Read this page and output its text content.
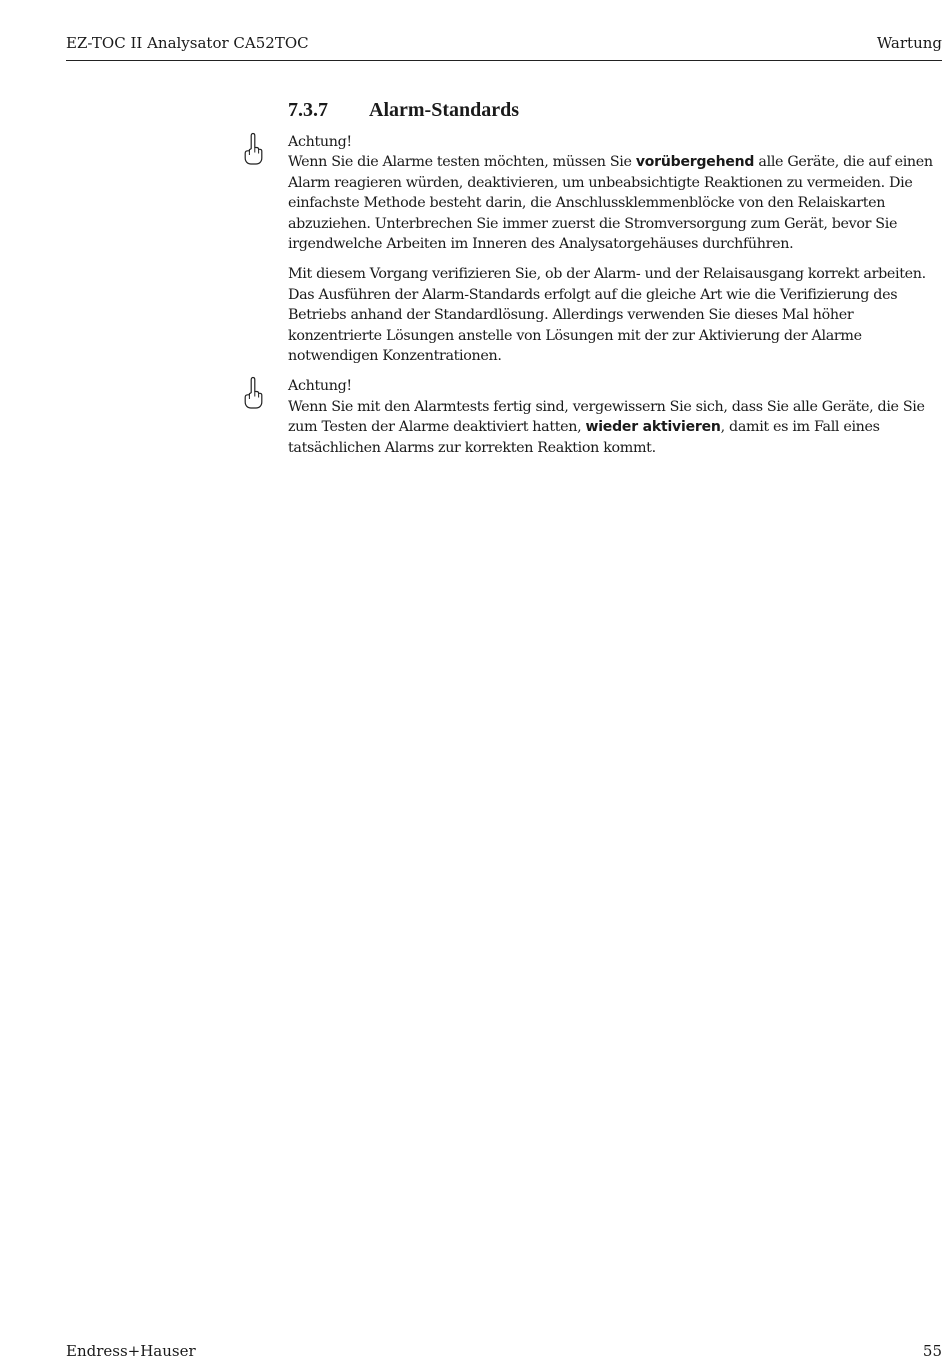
EZ-TOC II Analysator CA52TOC	Wartung
7.3.7	Alarm-Standards

Achtung!

Wenn Sie die Alarme testen möchten, müssen Sie vorübergehend alle Geräte, die auf einen Alarm reagieren würden, deaktivieren, um unbeabsichtigte Reaktionen zu vermeiden. Die einfachste Methode besteht darin, die Anschlussklemmenblöcke von den Relaiskarten abzuziehen. Unterbrechen Sie immer zuerst die Stromversorgung zum Gerät, bevor Sie irgendwelche Arbeiten im Inneren des Analysatorgehäuses durchführen.

Mit diesem Vorgang verifizieren Sie, ob der Alarm- und der Relaisausgang korrekt arbeiten. Das Ausführen der Alarm-Standards erfolgt auf die gleiche Art wie die Verifizierung des Betriebs anhand der Standardlösung. Allerdings verwenden Sie dieses Mal höher konzentrierte Lösungen anstelle von Lösungen mit der zur Aktivierung der Alarme notwendigen Konzentrationen.

Achtung!

Wenn Sie mit den Alarmtests fertig sind, vergewissern Sie sich, dass Sie alle Geräte, die Sie zum Testen der Alarme deaktiviert hatten, wieder aktivieren, damit es im Fall eines tatsächlichen Alarms zur korrekten Reaktion kommt.

Endress+Hauser	55
